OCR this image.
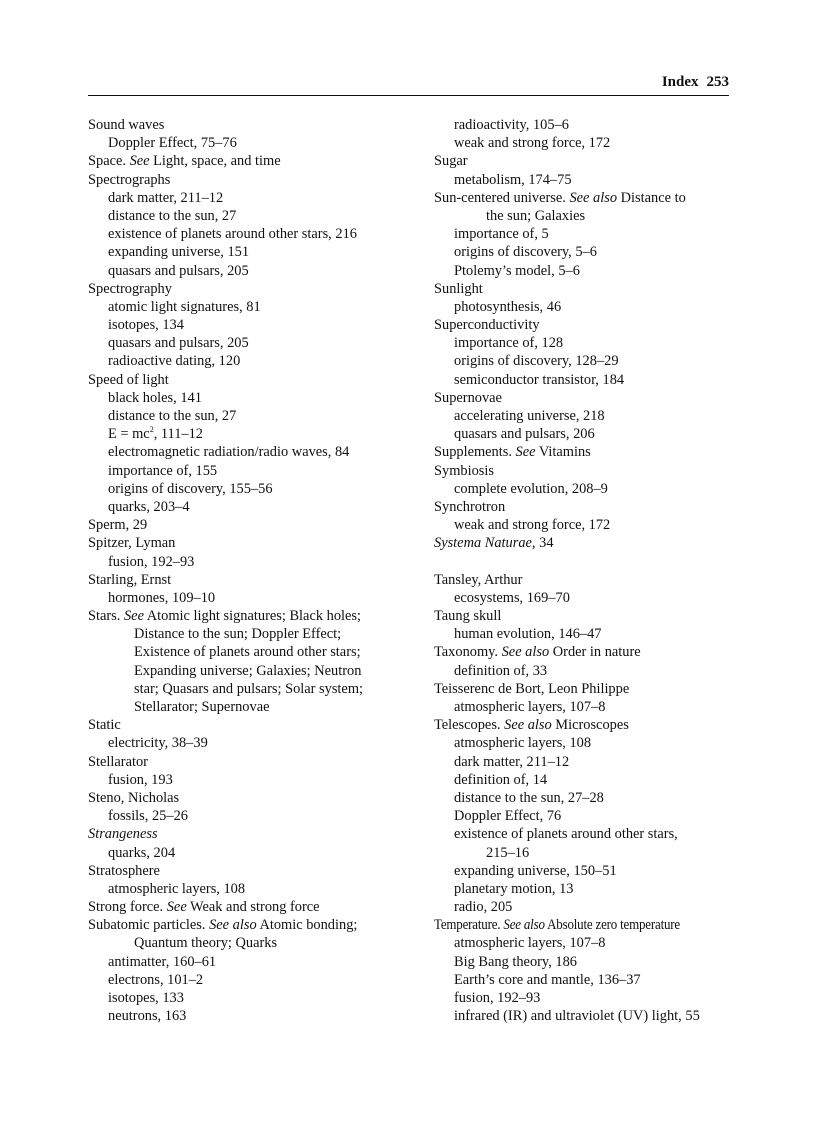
Index 253
Sound waves
Doppler Effect, 75–76
Space. See Light, space, and time
Spectrographs
dark matter, 211–12
distance to the sun, 27
existence of planets around other stars, 216
expanding universe, 151
quasars and pulsars, 205
Spectrography
atomic light signatures, 81
isotopes, 134
quasars and pulsars, 205
radioactive dating, 120
Speed of light
black holes, 141
distance to the sun, 27
$E = mc^2$, 111–12
electromagnetic radiation/radio waves, 84
importance of, 155
origins of discovery, 155–56
quarks, 203–4
Sperm, 29
Spitzer, Lyman
fusion, 192–93
Starling, Ernst
hormones, 109–10
Stars. See Atomic light signatures; Black holes;
Distance to the sun; Doppler Effect;
Existence of planets around other stars;
Expanding universe; Galaxies; Neutron
star; Quasars and pulsars; Solar system;
Stellarator; Supernovae
Static
electricity, 38–39
Stellarator
fusion, 193
Steno, Nicholas
fossils, 25–26
Strangeness
quarks, 204
Stratosphere
atmospheric layers, 108
Strong force. See Weak and strong force
Subatomic particles. See also Atomic bonding;
Quantum theory; Quarks
antimatter, 160–61
electrons, 101–2
isotopes, 133
neutrons, 163
radioactivity, 105–6
weak and strong force, 172
Sugar
metabolism, 174–75
Sun-centered universe. See also Distance to
the sun; Galaxies
importance of, 5
origins of discovery, 5–6
Ptolemy’s model, 5–6
Sunlight
photosynthesis, 46
Superconductivity
importance of, 128
origins of discovery, 128–29
semiconductor transistor, 184
Supernovae
accelerating universe, 218
quasars and pulsars, 206
Supplements. See Vitamins
Symbiosis
complete evolution, 208–9
Synchrotron
weak and strong force, 172
Systema Naturae, 34
Tansley, Arthur
ecosystems, 169–70
Taung skull
human evolution, 146–47
Taxonomy. See also Order in nature
definition of, 33
Teisserenc de Bort, Leon Philippe
atmospheric layers, 107–8
Telescopes. See also Microscopes
atmospheric layers, 108
dark matter, 211–12
definition of, 14
distance to the sun, 27–28
Doppler Effect, 76
existence of planets around other stars,
215–16
expanding universe, 150–51
planetary motion, 13
radio, 205
Temperature. See also Absolute zero temperature
atmospheric layers, 107–8
Big Bang theory, 186
Earth’s core and mantle, 136–37
fusion, 192–93
infrared (IR) and ultraviolet (UV) light, 55
